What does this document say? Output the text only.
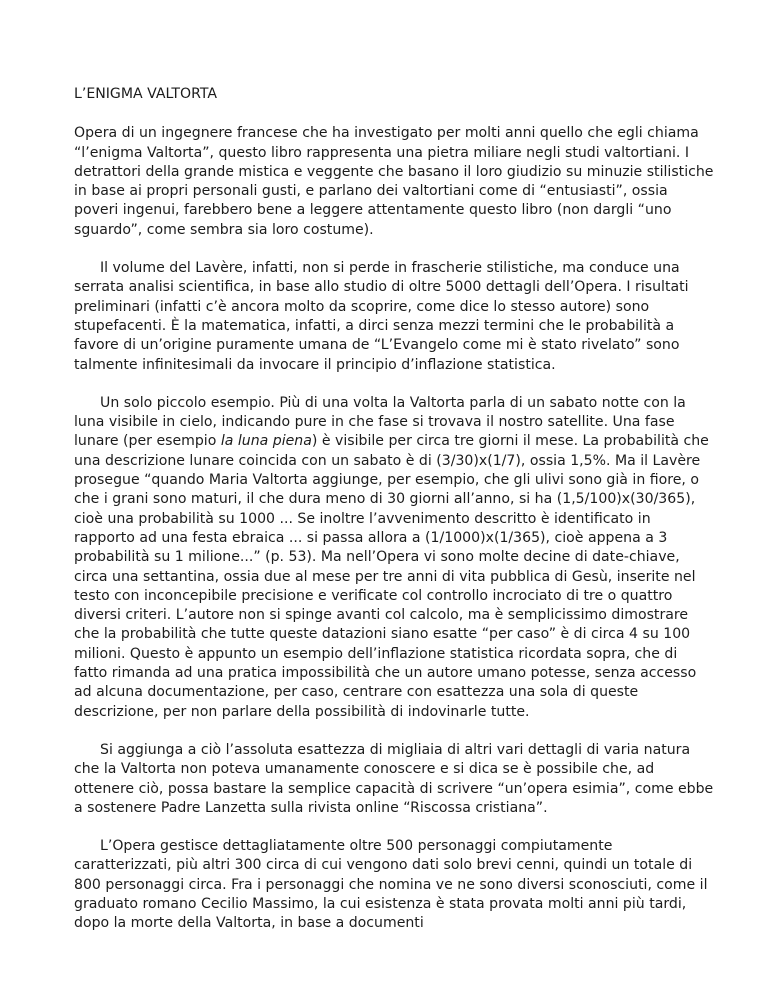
L’ENIGMA VALTORTA

Opera di un ingegnere francese che ha investigato per molti anni quello che egli chiama “l’enigma Valtorta”, questo libro rappresenta una pietra miliare negli studi valtortiani. I detrattori della grande mistica e veggente che basano il loro giudizio su minuzie stilistiche in base ai propri personali gusti, e parlano dei valtortiani come di “entusiasti”, ossia poveri ingenui, farebbero bene a leggere attentamente questo libro (non dargli “uno sguardo”, come sembra sia loro costume).

Il volume del Lavère, infatti, non si perde in frascherie stilistiche, ma conduce una serrata analisi scientifica, in base allo studio di oltre 5000 dettagli dell’Opera. I risultati preliminari (infatti c’è ancora molto da scoprire, come dice lo stesso autore) sono stupefacenti. È la matematica, infatti, a dirci senza mezzi termini che le probabilità a favore di un’origine puramente umana de “L’Evangelo come mi è stato rivelato” sono talmente infinitesimali da invocare il principio d’inflazione statistica.

Un solo piccolo esempio. Più di una volta la Valtorta parla di un sabato notte con la luna visibile in cielo, indicando pure in che fase si trovava il nostro satellite. Una fase lunare (per esempio la luna piena) è visibile per circa tre giorni il mese. La probabilità che una descrizione lunare coincida con un sabato è di (3/30)x(1/7), ossia 1,5%. Ma il Lavère prosegue “quando Maria Valtorta aggiunge, per esempio, che gli ulivi sono già in fiore, o che i grani sono maturi, il che dura meno di 30 giorni all’anno, si ha (1,5/100)x(30/365), cioè una probabilità su 1000 ... Se inoltre l’avvenimento descritto è identificato in rapporto ad una festa ebraica ... si passa allora a (1/1000)x(1/365), cioè appena a 3 probabilità su 1 milione...” (p. 53). Ma nell’Opera vi sono molte decine di date-chiave, circa una settantina, ossia due al mese per tre anni di vita pubblica di Gesù, inserite nel testo con inconcepibile precisione e verificate col controllo incrociato di tre o quattro diversi criteri. L’autore non si spinge avanti col calcolo, ma è semplicissimo dimostrare che la probabilità che tutte queste datazioni siano esatte “per caso” è di circa 4 su 100 milioni. Questo è appunto un esempio dell’inflazione statistica ricordata sopra, che di fatto rimanda ad una pratica impossibilità che un autore umano potesse, senza accesso ad alcuna documentazione, per caso, centrare con esattezza una sola di queste descrizione, per non parlare della possibilità di indovinarle tutte.

Si aggiunga a ciò l’assoluta esattezza di migliaia di altri vari dettagli di varia natura che la Valtorta non poteva umanamente conoscere e si dica se è possibile che, ad ottenere ciò, possa bastare la semplice capacità di scrivere “un’opera esimia”, come ebbe a sostenere Padre Lanzetta sulla rivista online “Riscossa cristiana”.

L’Opera gestisce dettagliatamente oltre 500 personaggi compiutamente caratterizzati, più altri 300 circa di cui vengono dati solo brevi cenni, quindi un totale di 800 personaggi circa. Fra i personaggi che nomina ve ne sono diversi sconosciuti, come il graduato romano Cecilio Massimo, la cui esistenza è stata provata molti anni più tardi, dopo la morte della Valtorta, in base a documenti
